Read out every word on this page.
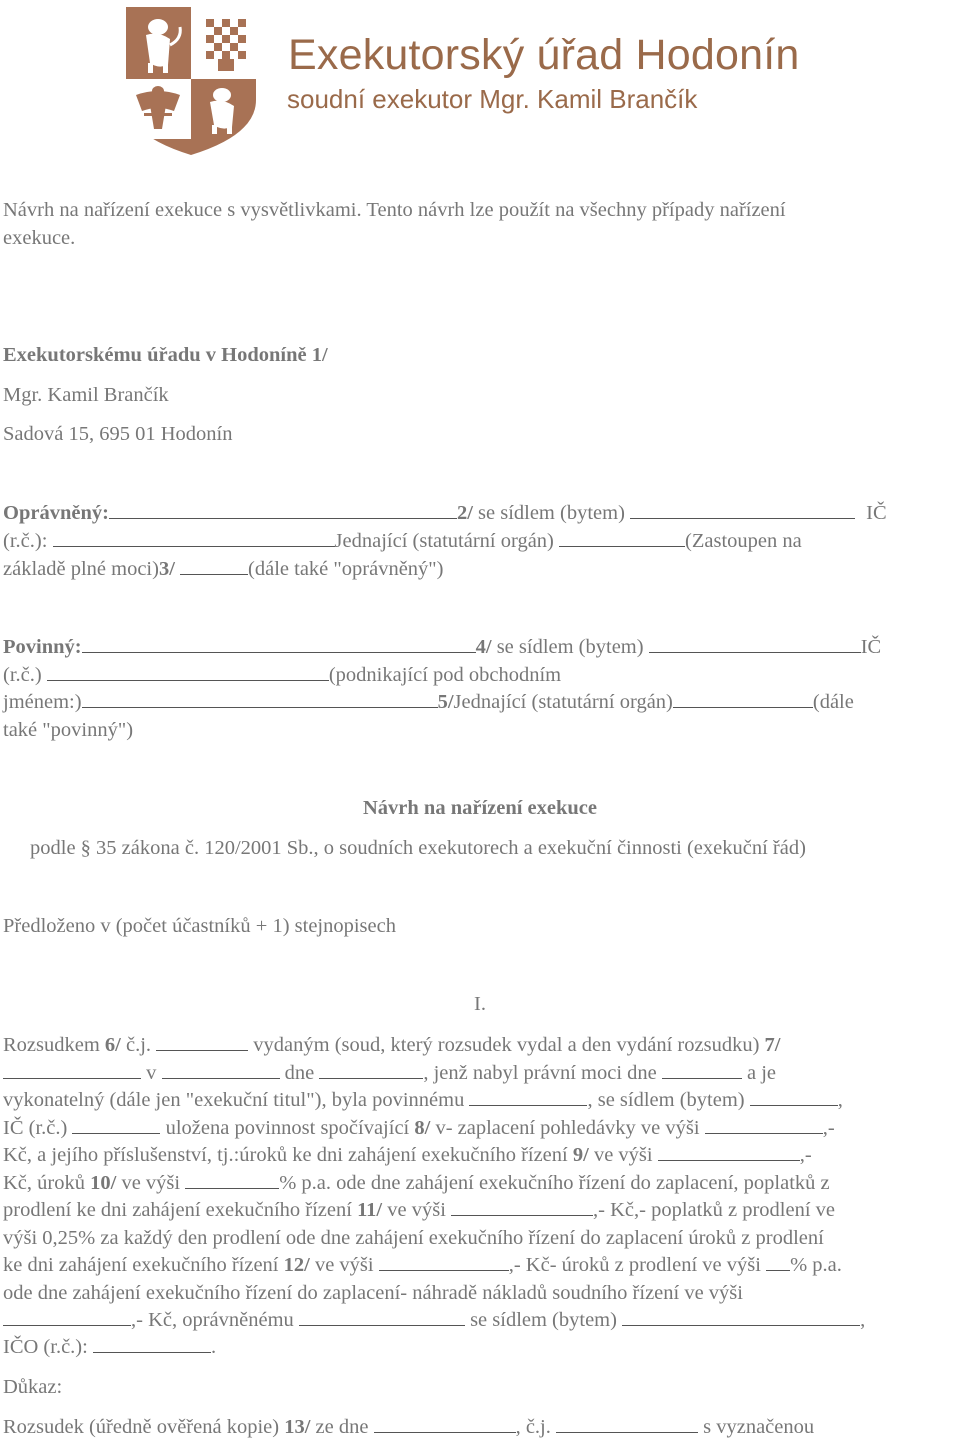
Exekutorský úřad Hodonín
soudní exekutor Mgr. Kamil Brančík
Návrh na nařízení exekuce s vysvětlivkami. Tento návrh lze použít na všechny případy nařízení
exekuce.
Exekutorskému úřadu v Hodoníně 1/
Mgr. Kamil Brančík
Sadová 15, 695 01 Hodonín
Oprávněný:	2/ se sídlem (bytem)	IČ
(r.č.):	Jednající (statutární orgán)	(Zastoupen na
základě plné moci)3/	(dále také "oprávněný")
Povinný:	4/ se sídlem (bytem)	IČ
(r.č.)	(podnikající pod obchodním
jménem:)	5/Jednající (statutární orgán)	(dále
také "povinný")
Návrh na nařízení exekuce
podle § 35 zákona č. 120/2001 Sb., o soudních exekutorech a exekuční činnosti (exekuční řád)
Předloženo v (počet účastníků + 1) stejnopisech
I.
Rozsudkem 6/ č.j.	vydaným (soud, který rozsudek vydal a den vydání rozsudku) 7/
v	dne	, jenž nabyl právní moci dne	a je
vykonatelný (dále jen "exekuční titul"), byla povinnému	, se sídlem (bytem)	,
IČ (r.č.)	uložena povinnost spočívající 8/ v- zaplacení pohledávky ve výši	,-
Kč, a jejího příslušenství, tj.:úroků ke dni zahájení exekučního řízení 9/ ve výši	,-
Kč, úroků 10/ ve výši	% p.a. ode dne zahájení exekučního řízení do zaplacení, poplatků z
prodlení ke dni zahájení exekučního řízení 11/ ve výši	,- Kč,- poplatků z prodlení ve
výši 0,25% za každý den prodlení ode dne zahájení exekučního řízení do zaplacení úroků z prodlení
ke dni zahájení exekučního řízení 12/ ve výši	,- Kč- úroků z prodlení ve výši % p.a.
ode dne zahájení exekučního řízení do zaplacení- náhradě nákladů soudního řízení ve výši
,- Kč, oprávněnému	se sídlem (bytem)	,
IČO (r.č.):	.
Důkaz:
Rozsudek (úředně ověřená kopie) 13/ ze dne	, č.j.	s vyznačenou
